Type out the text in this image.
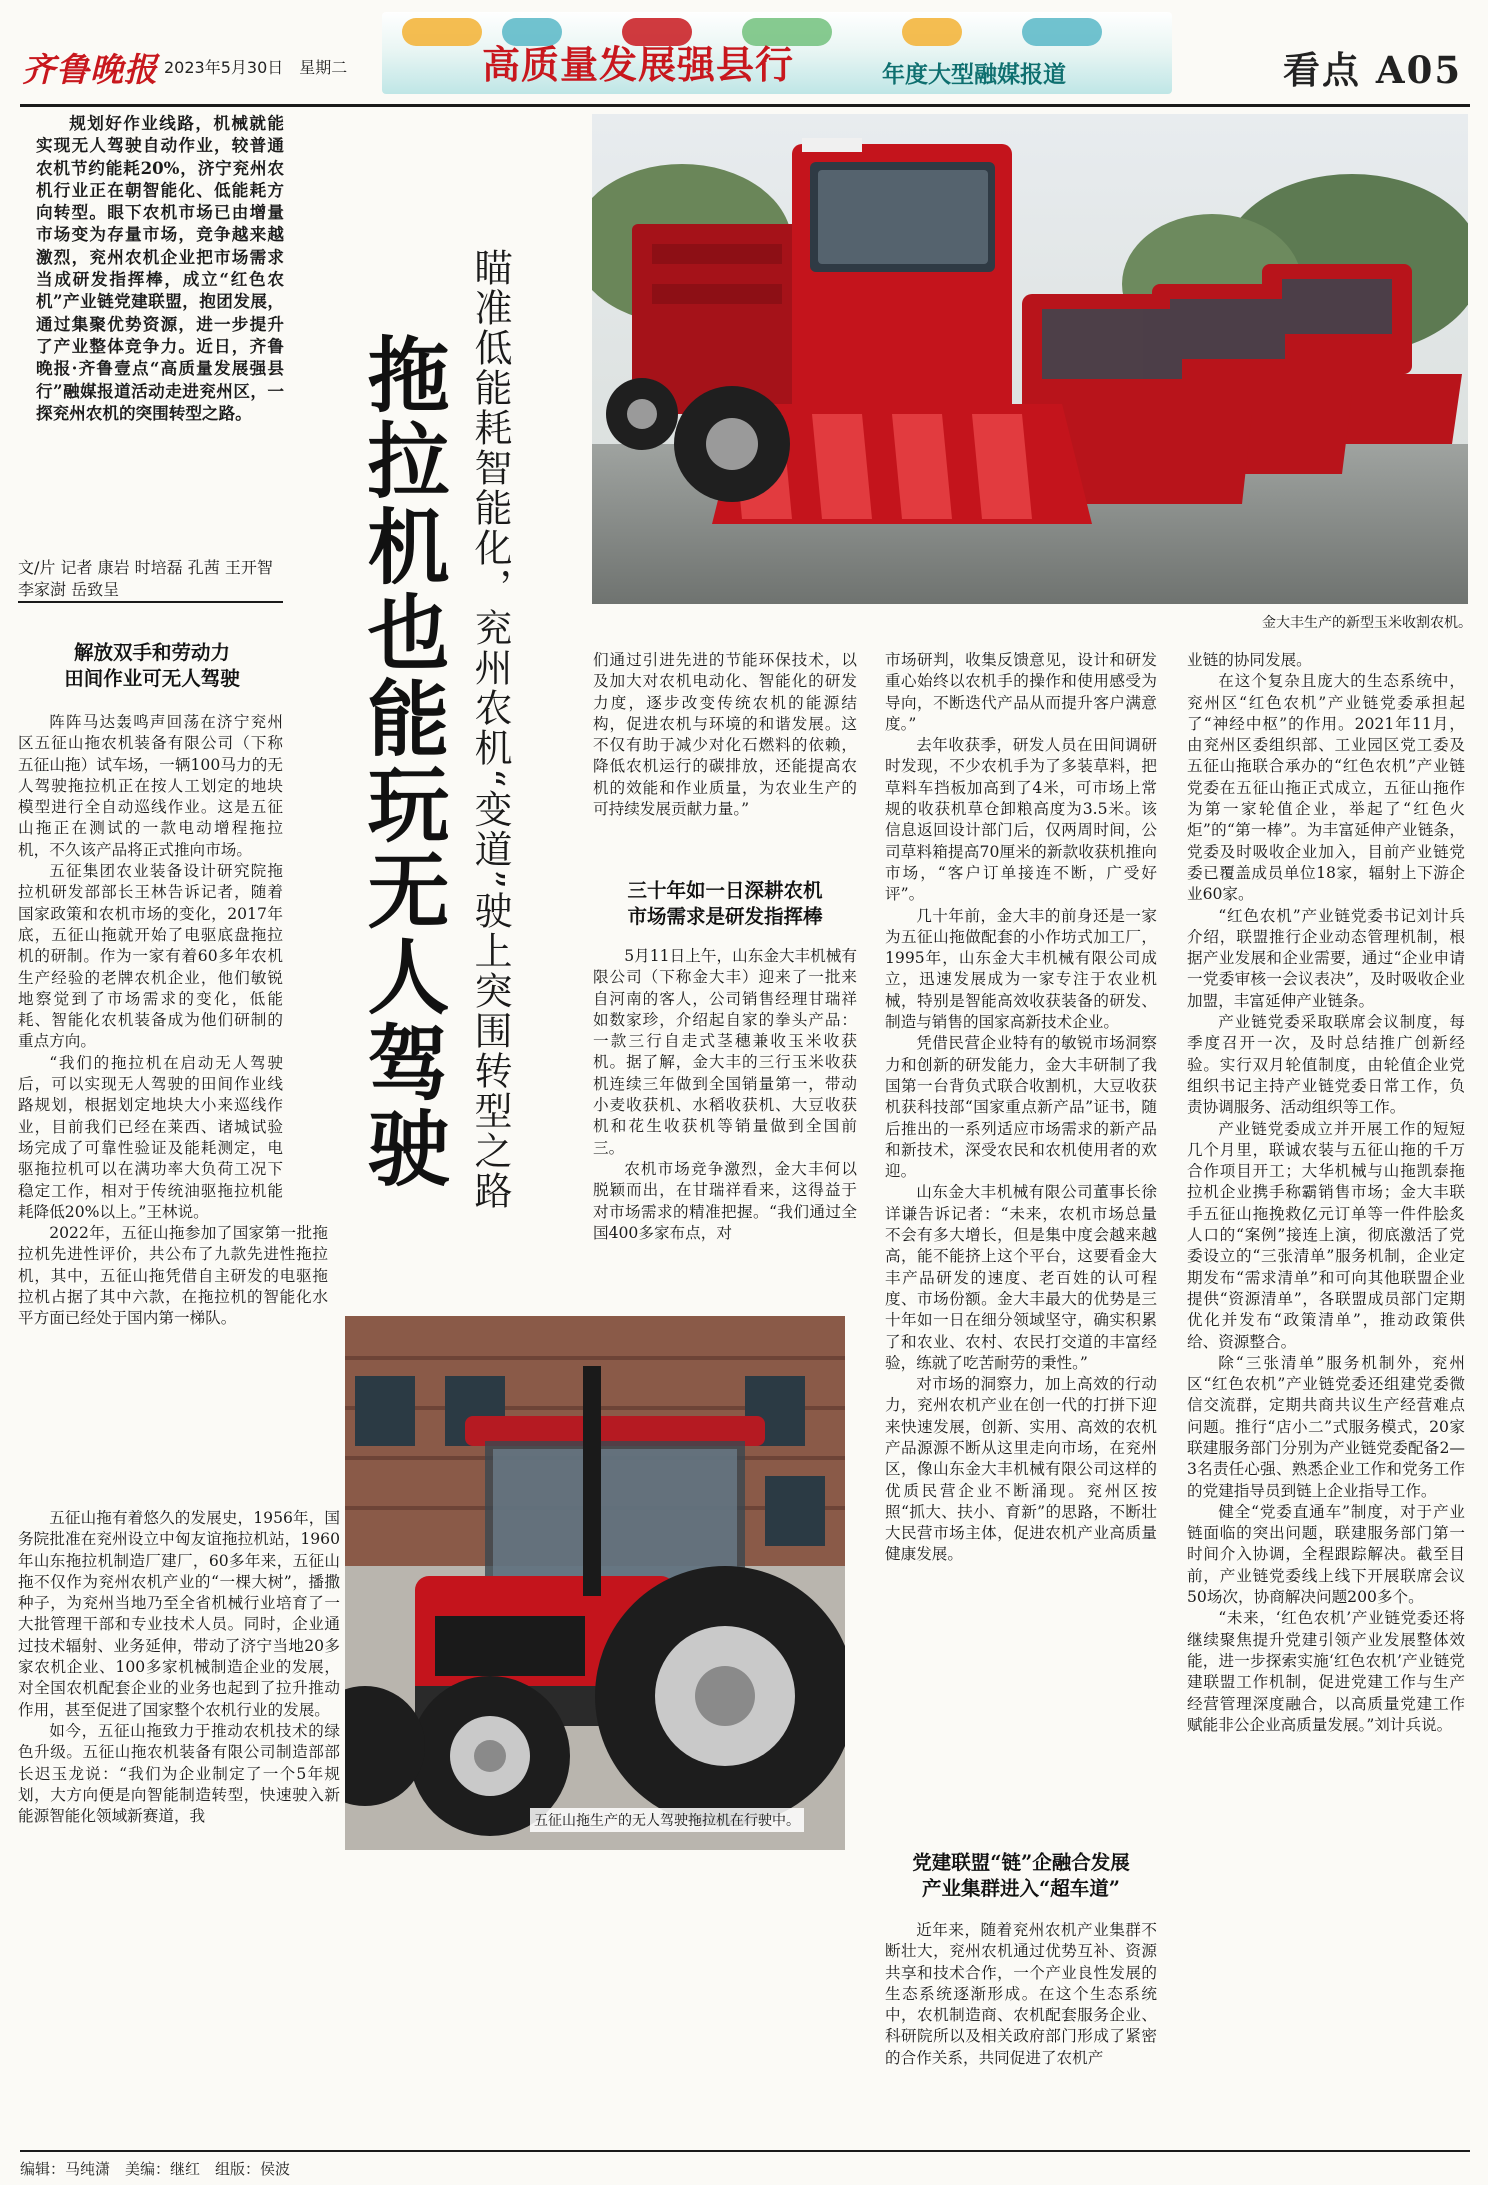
齐鲁晚报 2023年5月30日　星期二	高质量发展强县行	年度大型融媒报道	看点 A05
规划好作业线路，机械就能实现无人驾驶自动作业，较普通农机节约能耗20%，济宁兖州农机行业正在朝智能化、低能耗方向转型。眼下农机市场已由增量市场变为存量市场，竞争越来越激烈，兖州农机企业把市场需求当成研发指挥棒，成立“红色农机”产业链党建联盟，抱团发展，通过集聚优势资源，进一步提升了产业整体竞争力。近日，齐鲁晚报·齐鲁壹点“高质量发展强县行”融媒报道活动走进兖州区，一探兖州农机的突围转型之路。
文/片 记者 康岩 时培磊 孔茜 王开智 李家澍 岳致呈	瞄准低能耗智能化，兖州农机“变道”驶上突围转型之路
拖拉机也能玩无人驾驶	金大丰生产的新型玉米收割农机。
五征山拖生产的无人驾驶拖拉机在行驶中。
解放双手和劳动力
田间作业可无人驾驶
三十年如一日深耕农机
市场需求是研发指挥棒
党建联盟“链”企融合发展
产业集群进入“超车道”

阵阵马达轰鸣声回荡在济宁兖州区五征山拖农机装备有限公司（下称五征山拖）试车场，一辆100马力的无人驾驶拖拉机正在按人工划定的地块模型进行全自动巡线作业。这是五征山拖正在测试的一款电动增程拖拉机，不久该产品将正式推向市场。

五征集团农业装备设计研究院拖拉机研发部部长王林告诉记者，随着国家政策和农机市场的变化，2017年底，五征山拖就开始了电驱底盘拖拉机的研制。作为一家有着60多年农机生产经验的老牌农机企业，他们敏锐地察觉到了市场需求的变化，低能耗、智能化农机装备成为他们研制的重点方向。

“我们的拖拉机在启动无人驾驶后，可以实现无人驾驶的田间作业线路规划，根据划定地块大小来巡线作业，目前我们已经在莱西、诸城试验场完成了可靠性验证及能耗测定，电驱拖拉机可以在满功率大负荷工况下稳定工作，相对于传统油驱拖拉机能耗降低20%以上。”王林说。

2022年，五征山拖参加了国家第一批拖拉机先进性评价，共公布了九款先进性拖拉机，其中，五征山拖凭借自主研发的电驱拖拉机占据了其中六款，在拖拉机的智能化水平方面已经处于国内第一梯队。

五征山拖有着悠久的发展史，1956年，国务院批准在兖州设立中匈友谊拖拉机站，1960年山东拖拉机制造厂建厂，60多年来，五征山拖不仅作为兖州农机产业的“一棵大树”，播撒种子，为兖州当地乃至全省机械行业培育了一大批管理干部和专业技术人员。同时，企业通过技术辐射、业务延伸，带动了济宁当地20多家农机企业、100多家机械制造企业的发展，对全国农机配套企业的业务也起到了拉升推动作用，甚至促进了国家整个农机行业的发展。

如今，五征山拖致力于推动农机技术的绿色升级。五征山拖农机装备有限公司制造部部长迟玉龙说：“我们为企业制定了一个5年规划，大方向便是向智能制造转型，快速驶入新能源智能化领域新赛道，我

们通过引进先进的节能环保技术，以及加大对农机电动化、智能化的研发力度，逐步改变传统农机的能源结构，促进农机与环境的和谐发展。这不仅有助于减少对化石燃料的依赖，降低农机运行的碳排放，还能提高农机的效能和作业质量，为农业生产的可持续发展贡献力量。”

5月11日上午，山东金大丰机械有限公司（下称金大丰）迎来了一批来自河南的客人，公司销售经理甘瑞祥如数家珍，介绍起自家的拳头产品：一款三行自走式茎穗兼收玉米收获机。据了解，金大丰的三行玉米收获机连续三年做到全国销量第一，带动小麦收获机、水稻收获机、大豆收获机和花生收获机等销量做到全国前三。

农机市场竞争激烈，金大丰何以脱颖而出，在甘瑞祥看来，这得益于对市场需求的精准把握。“我们通过全国400多家布点，对

市场研判，收集反馈意见，设计和研发重心始终以农机手的操作和使用感受为导向，不断迭代产品从而提升客户满意度。”

去年收获季，研发人员在田间调研时发现，不少农机手为了多装草料，把草料车挡板加高到了4米，可市场上常规的收获机草仓卸粮高度为3.5米。该信息返回设计部门后，仅两周时间，公司草料箱提高70厘米的新款收获机推向市场，“客户订单接连不断，广受好评”。

几十年前，金大丰的前身还是一家为五征山拖做配套的小作坊式加工厂，1995年，山东金大丰机械有限公司成立，迅速发展成为一家专注于农业机械，特别是智能高效收获装备的研发、制造与销售的国家高新技术企业。

凭借民营企业特有的敏锐市场洞察力和创新的研发能力，金大丰研制了我国第一台背负式联合收割机，大豆收获机获科技部“国家重点新产品”证书，随后推出的一系列适应市场需求的新产品和新技术，深受农民和农机使用者的欢迎。

山东金大丰机械有限公司董事长徐详谦告诉记者：“未来，农机市场总量不会有多大增长，但是集中度会越来越高，能不能挤上这个平台，这要看金大丰产品研发的速度、老百姓的认可程度、市场份额。金大丰最大的优势是三十年如一日在细分领域坚守，确实积累了和农业、农村、农民打交道的丰富经验，练就了吃苦耐劳的秉性。”

对市场的洞察力，加上高效的行动力，兖州农机产业在创一代的打拼下迎来快速发展，创新、实用、高效的农机产品源源不断从这里走向市场，在兖州区，像山东金大丰机械有限公司这样的优质民营企业不断涌现。兖州区按照“抓大、扶小、育新”的思路，不断壮大民营市场主体，促进农机产业高质量健康发展。

近年来，随着兖州农机产业集群不断壮大，兖州农机通过优势互补、资源共享和技术合作，一个产业良性发展的生态系统逐渐形成。在这个生态系统中，农机制造商、农机配套服务企业、科研院所以及相关政府部门形成了紧密的合作关系，共同促进了农机产

业链的协同发展。

在这个复杂且庞大的生态系统中，兖州区“红色农机”产业链党委承担起了“神经中枢”的作用。2021年11月，由兖州区委组织部、工业园区党工委及五征山拖联合承办的“红色农机”产业链党委在五征山拖正式成立，五征山拖作为第一家轮值企业，举起了“红色火炬”的“第一棒”。为丰富延伸产业链条，党委及时吸收企业加入，目前产业链党委已覆盖成员单位18家，辐射上下游企业60家。

“红色农机”产业链党委书记刘计兵介绍，联盟推行企业动态管理机制，根据产业发展和企业需要，通过“企业申请一党委审核一会议表决”，及时吸收企业加盟，丰富延伸产业链条。

产业链党委采取联席会议制度，每季度召开一次，及时总结推广创新经验。实行双月轮值制度，由轮值企业党组织书记主持产业链党委日常工作，负责协调服务、活动组织等工作。

产业链党委成立并开展工作的短短几个月里，联诚农装与五征山拖的千万合作项目开工；大华机械与山拖凯泰拖拉机企业携手称霸销售市场；金大丰联手五征山拖挽救亿元订单等一件件脍炙人口的“案例”接连上演，彻底激活了党委设立的“三张清单”服务机制，企业定期发布“需求清单”和可向其他联盟企业提供“资源清单”，各联盟成员部门定期优化并发布“政策清单”，推动政策供给、资源整合。

除“三张清单”服务机制外，兖州区“红色农机”产业链党委还组建党委微信交流群，定期共商共议生产经营难点问题。推行“店小二”式服务模式，20家联建服务部门分别为产业链党委配备2—3名责任心强、熟悉企业工作和党务工作的党建指导员到链上企业指导工作。

健全“党委直通车”制度，对于产业链面临的突出问题，联建服务部门第一时间介入协调，全程跟踪解决。截至目前，产业链党委线上线下开展联席会议50场次，协商解决问题200多个。

“未来，‘红色农机’产业链党委还将继续聚焦提升党建引领产业发展整体效能，进一步探索实施‘红色农机’产业链党建联盟工作机制，促进党建工作与生产经营管理深度融合，以高质量党建工作赋能非公企业高质量发展。”刘计兵说。

编辑：马纯潇　美编：继红　组版：侯波
